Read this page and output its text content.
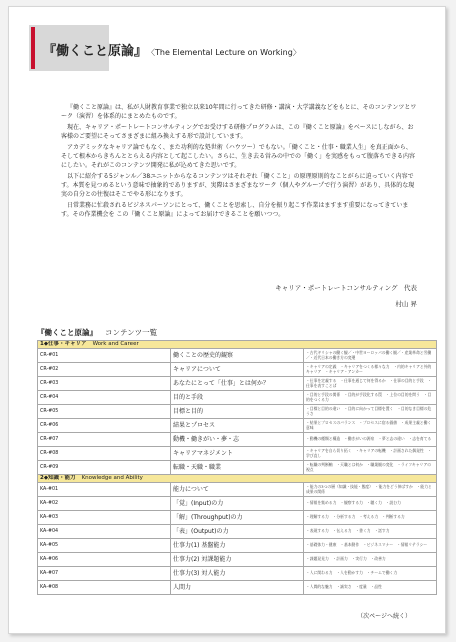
『働くこと原論』 〈The Elemental Lecture on Working〉

『働くこと原論』は、私が人財教育事業で独立以来10年間に行ってきた研修・講演・大学講義などをもとに、そのコンテンツとワーク（演習）を体系的にまとめたものです。

現在、キャリア・ポートレートコンサルティングでお受けする研修プログラムは、この『働くこと原論』をベースにしながら、お客様のご要望にそってさまざまに組み換えする形で設計しています。

アカデミックなキャリア論でもなく、また功利的な処世術（ハウツー）でもない。「働くこと・仕事・職業人生」を真正面から、そして根本からきちんととらえる内容として起こしたい。さらに、生き去る営みの中での「働く」を実感をもって腹落ちできる内容にしたい。それがこのコンテンツ開発に私が込めてきた思いです。

以下に紹介する5ジャンル／38ユニットからなるコンテンツはそれぞれ「働くこと」の原理原則的なことがらに迫っていく内容です。本質を見つめるという意味で抽象的でありますが、実際はさまざまなワーク（個人やグループで行う演習）があり、具体的な現実の自分との往復はそこでやる形になります。

日常業務に忙殺されるビジネスパーソンにとって、働くことを思索し、自分を振り起こす作業はますます重要になってきています。その作業機会を この『働くこと原論』によってお届けできることを願いつつ。

キャリア・ポートレートコンサルティング　代表
村山 昇
『働くこと原論』 コンテンツ一覧
1◆仕事・キャリア Work and Career		
CR-#01	働くことの歴史的観察	・古代ギリシャの働く観／・中世ヨーロッパの働く観／・産業革命と労働／・近代日本の働き方の変遷
CR-#02	キャリアについて	・キャリアの定義　・キャリアをつくる様々な力　・内的キャリアと外的キャリア　・キャリア・アンカー
CR-#03	あなたにとって「仕事」とは何か？	・仕事を定義する　・仕事を通じて何を得るか　・仕事の目的と手段　・仕事を表すことば
CR-#04	目的と手段	・目的と手段の関係　・目的が手段化する罠　・上位の目的を問う　・目的をつくる力
CR-#05	目標と目的	・目標と目的の違い　・目的に向かって目標を置く　・目的なき目標の危うさ
CR-#06	結果とプロセス	・結果とプロセスのバランス　・プロセスに宿る価値　・成果主義と働く意味
CR-#07	動機・働きがい・夢・志	・動機の種類と構造　・働きがいの源泉　・夢と志の違い　・志を育てる
CR-#08	キャリアマネジメント	・キャリアを自ら切り拓く　・キャリアの転機　・計画された偶発性　・学び直し
CR-#09	転職・天職・職業	・転職の判断軸　・天職とは何か　・職業観の変化　・ライフキャリアの視点
2◆知識・能力 Knowledge and Ability		
KA-#01	能力について	・能力の3つの層（知識・技能・態度）　・能力をどう伸ばすか　・能力と成果の関係
KA-#02	「覚」(Input)の力	・情報を集める力　・観察する力　・聴く力　・読む力
KA-#03	「解」(Throughput)の力	・理解する力　・分析する力　・考える力　・判断する力
KA-#04	「表」(Output)の力	・表現する力　・伝える力　・書く力　・話す力
KA-#05	仕事力(1) 基盤能力	・基礎体力・健康　・基本動作　・ビジネスマナー　・情報リテラシー
KA-#06	仕事力(2) 対課題能力	・課題発見力　・計画力　・実行力　・改善力
KA-#07	仕事力(3) 対人能力	・人に関わる力　・人を動かす力　・チームで働く力
KA-#08	人間力	・人間的な魅力　・誠実さ　・度量　・品性
（次ページへ続く）
